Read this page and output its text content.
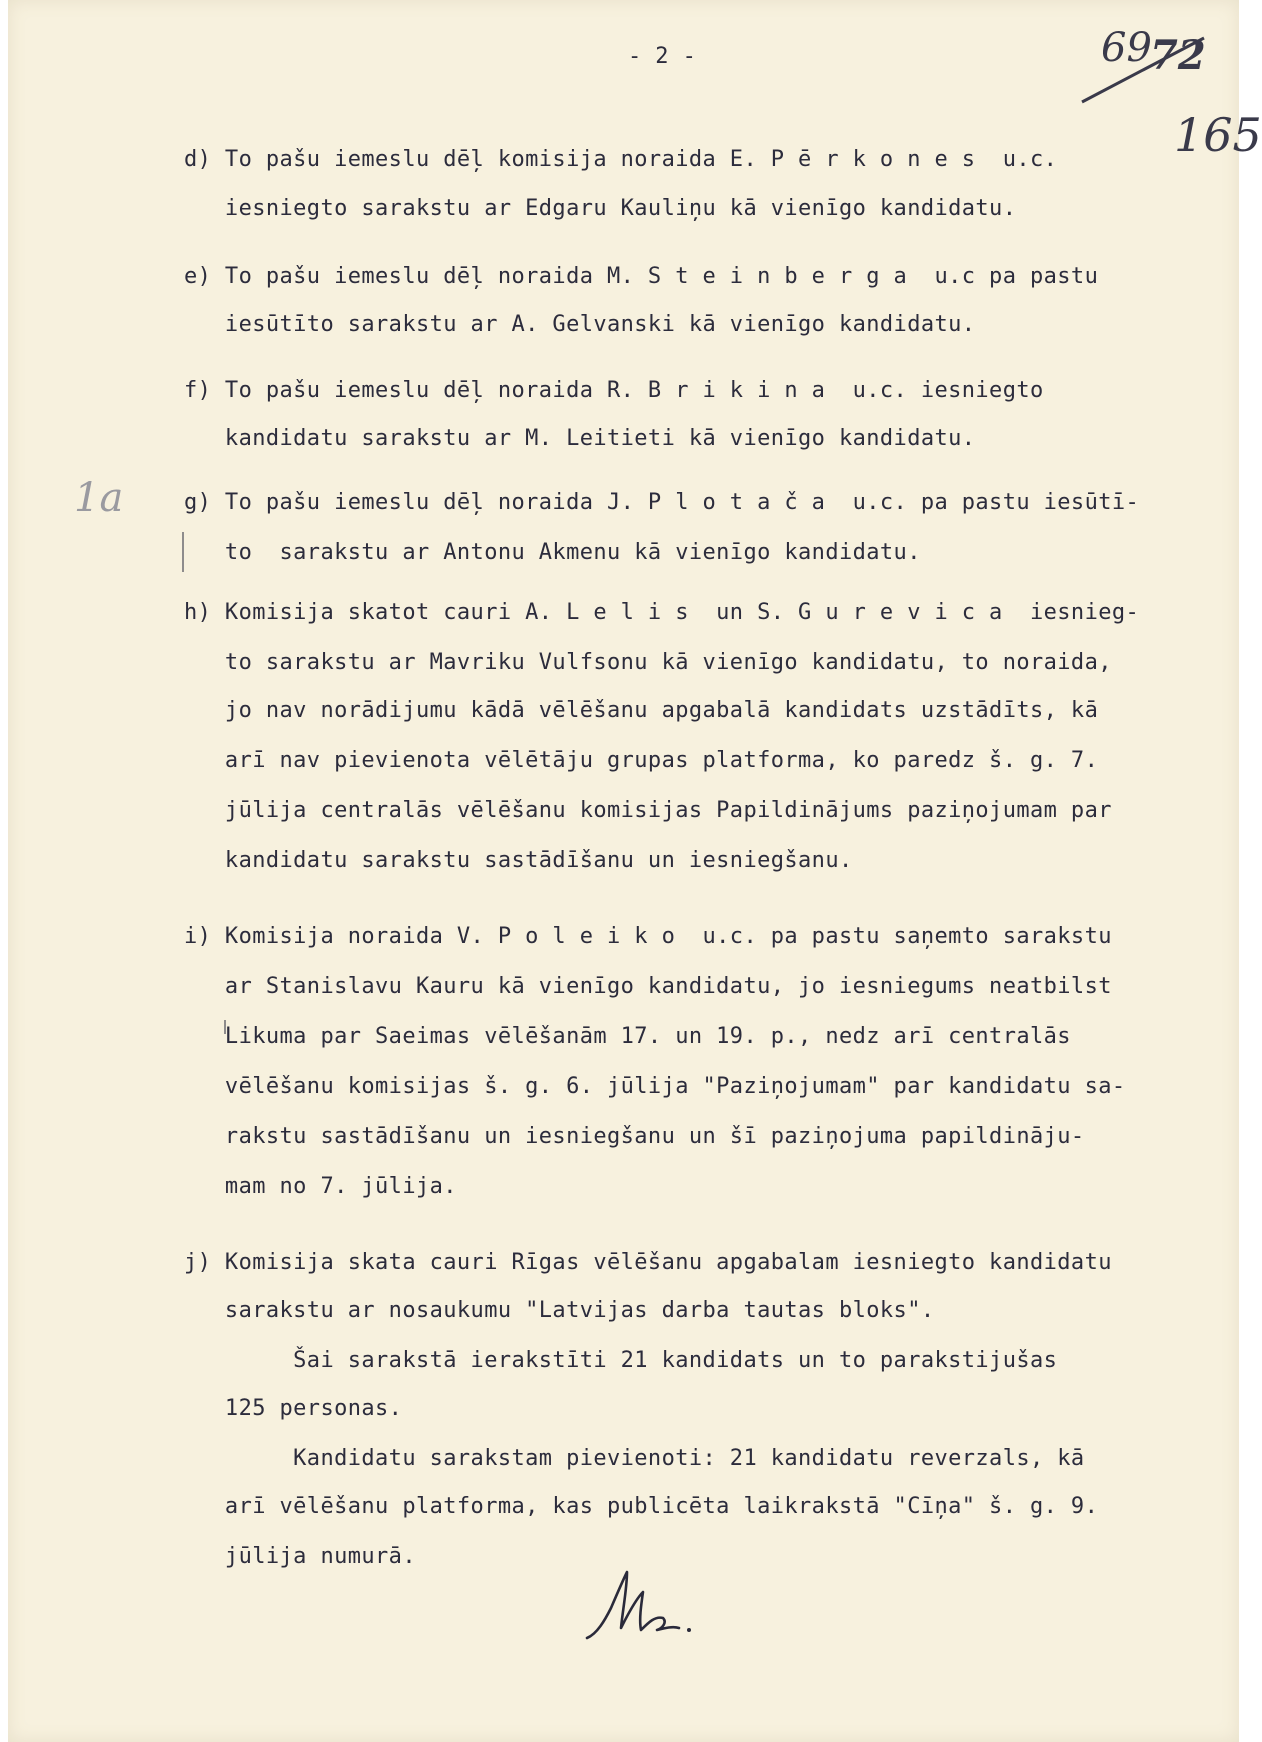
- 2 -	69
72
165
1a
d) To pašu iemeslu dēļ komisija noraida E. P ē r k o n e s  u.c.
iesniegto sarakstu ar Edgaru Kauliņu kā vienīgo kandidatu.
e) To pašu iemeslu dēļ noraida M. S t e i n b e r g a  u.c pa pastu
iesūtīto sarakstu ar A. Gelvanski kā vienīgo kandidatu.
f) To pašu iemeslu dēļ noraida R. B r i k i n a  u.c. iesniegto
kandidatu sarakstu ar M. Leitieti kā vienīgo kandidatu.
g) To pašu iemeslu dēļ noraida J. P l o t a č a  u.c. pa pastu iesūtī-
to  sarakstu ar Antonu Akmenu kā vienīgo kandidatu.
h) Komisija skatot cauri A. L e l i s  un S. G u r e v i c a  iesnieg-
to sarakstu ar Mavriku Vulfsonu kā vienīgo kandidatu, to noraida,
jo nav norādijumu kādā vēlēšanu apgabalā kandidats uzstādīts, kā
arī nav pievienota vēlētāju grupas platforma, ko paredz š. g. 7.
jūlija centralās vēlēšanu komisijas Papildinājums paziņojumam par
kandidatu sarakstu sastādīšanu un iesniegšanu.
i) Komisija noraida V. P o l e i k o  u.c. pa pastu saņemto sarakstu
ar Stanislavu Kauru kā vienīgo kandidatu, jo iesniegums neatbilst
Likuma par Saeimas vēlēšanām 17. un 19. p., nedz arī centralās
vēlēšanu komisijas š. g. 6. jūlija "Paziņojumam" par kandidatu sa-
rakstu sastādīšanu un iesniegšanu un šī paziņojuma papildināju-
mam no 7. jūlija.
j) Komisija skata cauri Rīgas vēlēšanu apgabalam iesniegto kandidatu
sarakstu ar nosaukumu "Latvijas darba tautas bloks".
Šai sarakstā ierakstīti 21 kandidats un to parakstijušas
125 personas.
Kandidatu sarakstam pievienoti: 21 kandidatu reverzals, kā
arī vēlēšanu platforma, kas publicēta laikrakstā "Cīņa" š. g. 9.
jūlija numurā.
